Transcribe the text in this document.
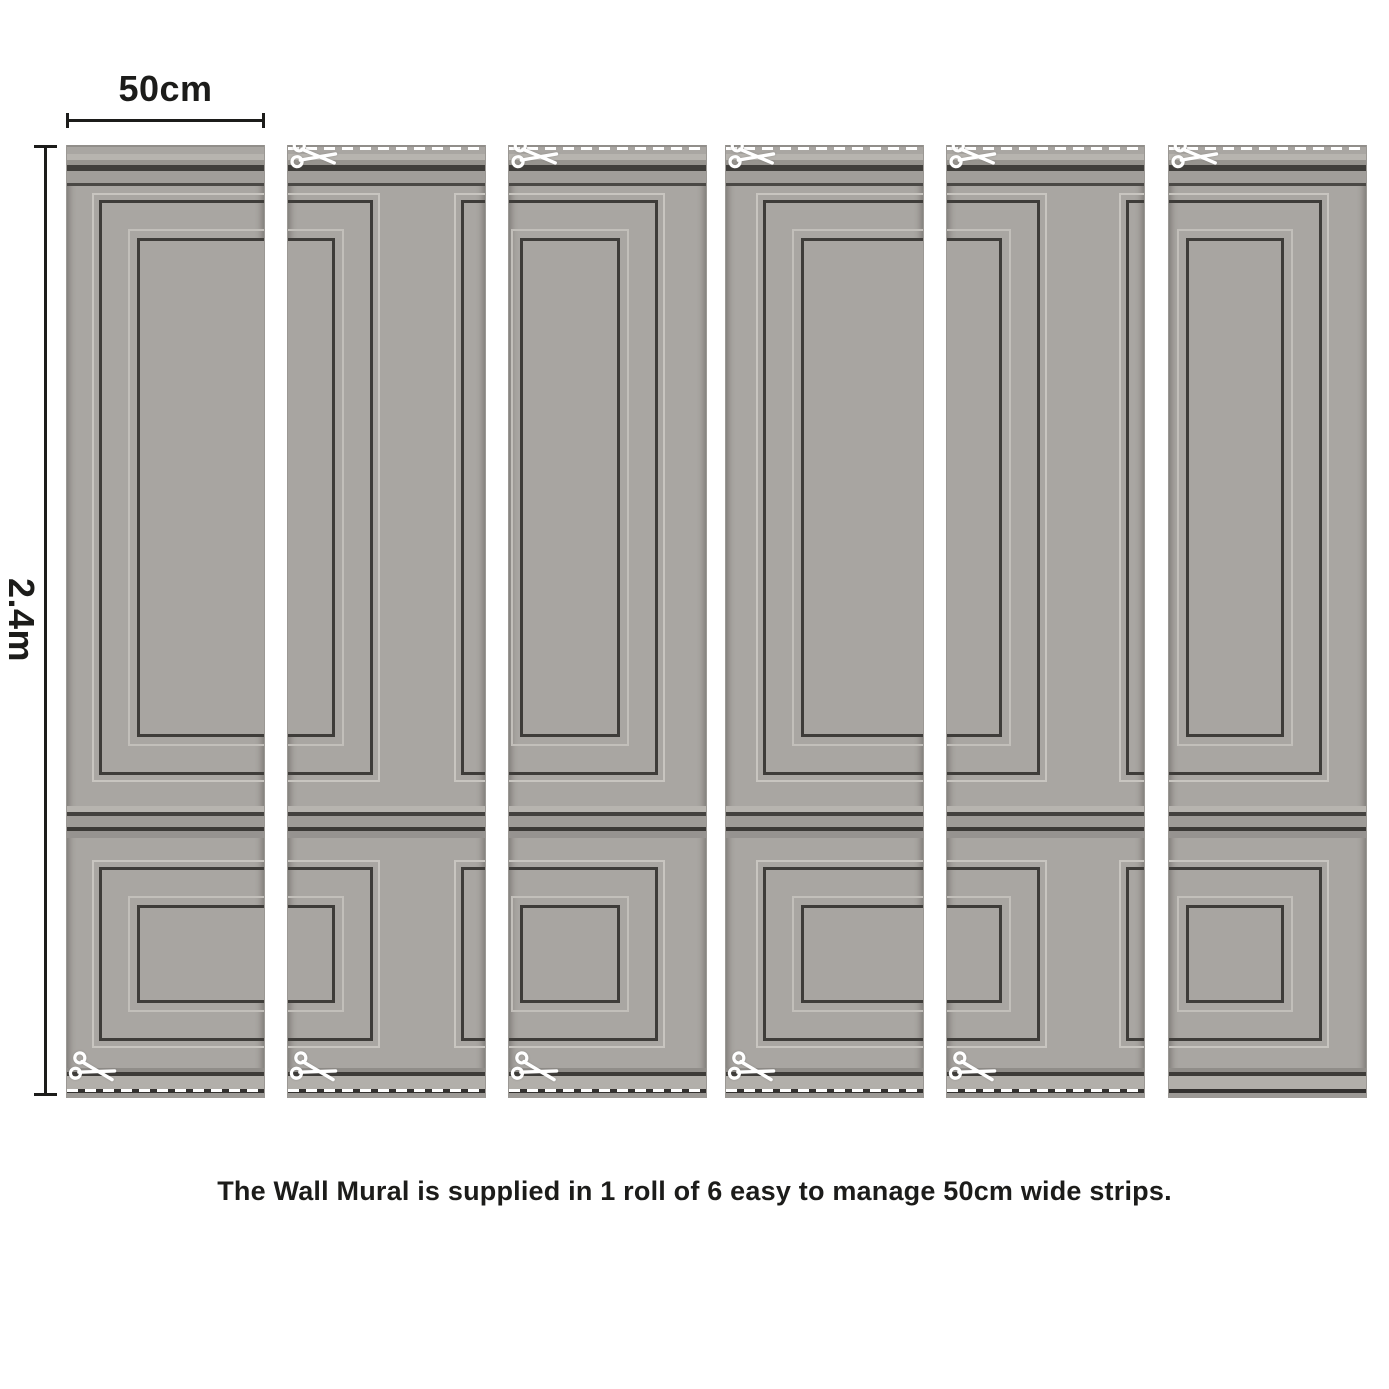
50cm
2.4m
The Wall Mural is supplied in 1 roll of 6 easy to manage 50cm wide strips.
